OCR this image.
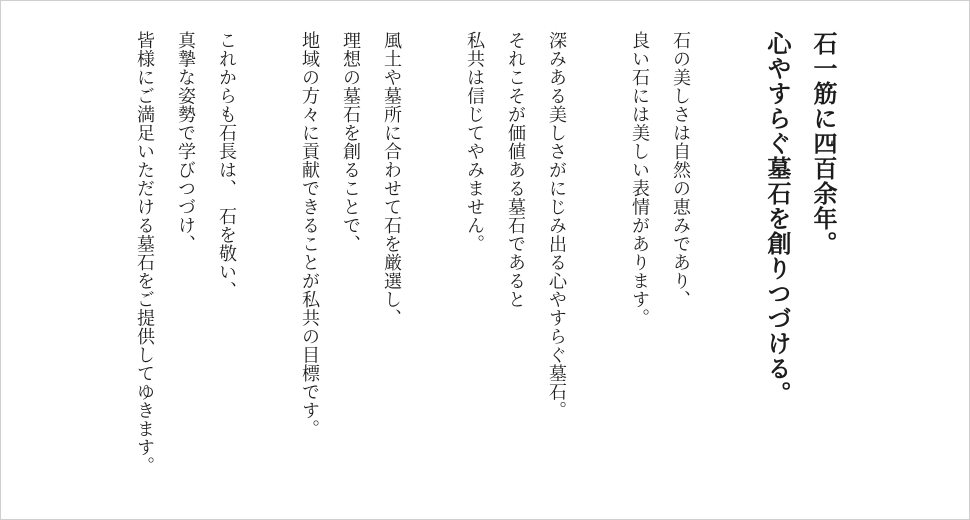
石一筋に四百余年。
心やすらぐ墓石を創りつづける。

石の美しさは自然の恵みであり、
良い石には美しい表情があります。

深みある美しさがにじみ出る心やすらぐ墓石。
それこそが価値ある墓石であると
私共は信じてやみません。

風土や墓所に合わせて石を厳選し、
理想の墓石を創ることで、
地域の方々に貢献できることが私共の目標です。

これからも石長は、　石を敬い、
真摯な姿勢で学びつづけ、
皆様にご満足いただける墓石をご提供してゆきます。
